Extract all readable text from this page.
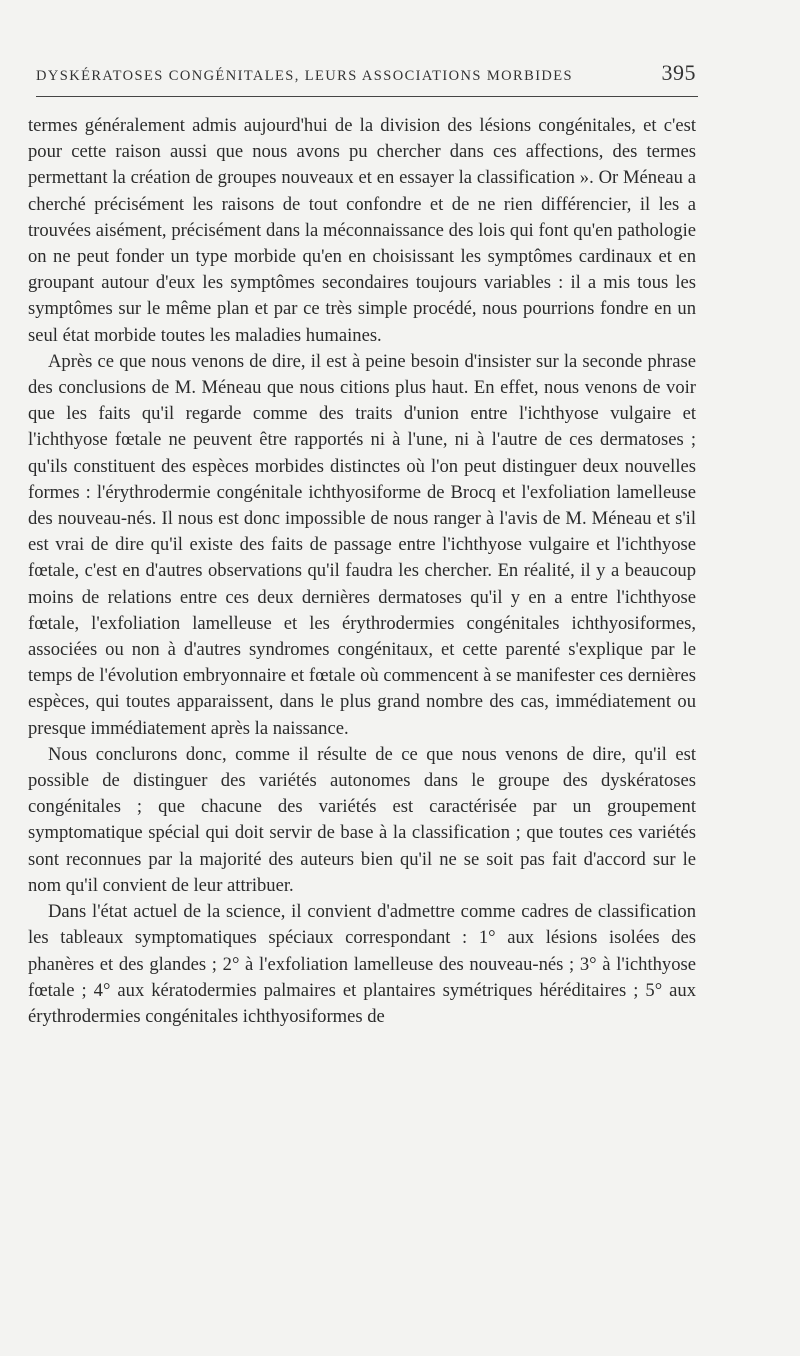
DYSKÉRATOSES CONGÉNITALES, LEURS ASSOCIATIONS MORBIDES	395

termes généralement admis aujourd'hui de la division des lésions congénitales, et c'est pour cette raison aussi que nous avons pu chercher dans ces affections, des termes permettant la création de groupes nouveaux et en essayer la classification ». Or Méneau a cherché précisément les raisons de tout confondre et de ne rien différencier, il les a trouvées aisément, précisément dans la méconnaissance des lois qui font qu'en pathologie on ne peut fonder un type morbide qu'en en choisissant les symptômes cardinaux et en groupant autour d'eux les symptômes secondaires toujours variables : il a mis tous les symptômes sur le même plan et par ce très simple procédé, nous pourrions fondre en un seul état morbide toutes les maladies humaines.

Après ce que nous venons de dire, il est à peine besoin d'insister sur la seconde phrase des conclusions de M. Méneau que nous citions plus haut. En effet, nous venons de voir que les faits qu'il regarde comme des traits d'union entre l'ichthyose vulgaire et l'ichthyose fœtale ne peuvent être rapportés ni à l'une, ni à l'autre de ces dermatoses ; qu'ils constituent des espèces morbides distinctes où l'on peut distinguer deux nouvelles formes : l'érythrodermie congénitale ichthyosiforme de Brocq et l'exfoliation lamelleuse des nouveau-nés. Il nous est donc impossible de nous ranger à l'avis de M. Méneau et s'il est vrai de dire qu'il existe des faits de passage entre l'ichthyose vulgaire et l'ichthyose fœtale, c'est en d'autres observations qu'il faudra les chercher. En réalité, il y a beaucoup moins de relations entre ces deux dernières dermatoses qu'il y en a entre l'ichthyose fœtale, l'exfoliation lamelleuse et les érythrodermies congénitales ichthyosiformes, associées ou non à d'autres syndromes congénitaux, et cette parenté s'explique par le temps de l'évolution embryonnaire et fœtale où commencent à se manifester ces dernières espèces, qui toutes apparaissent, dans le plus grand nombre des cas, immédiatement ou presque immédiatement après la naissance.

Nous conclurons donc, comme il résulte de ce que nous venons de dire, qu'il est possible de distinguer des variétés autonomes dans le groupe des dyskératoses congénitales ; que chacune des variétés est caractérisée par un groupement symptomatique spécial qui doit servir de base à la classification ; que toutes ces variétés sont reconnues par la majorité des auteurs bien qu'il ne se soit pas fait d'accord sur le nom qu'il convient de leur attribuer.

Dans l'état actuel de la science, il convient d'admettre comme cadres de classification les tableaux symptomatiques spéciaux correspondant : 1° aux lésions isolées des phanères et des glandes ; 2° à l'exfoliation lamelleuse des nouveau-nés ; 3° à l'ichthyose fœtale ; 4° aux kératodermies palmaires et plantaires symétriques héréditaires ; 5° aux érythrodermies congénitales ichthyosiformes de
